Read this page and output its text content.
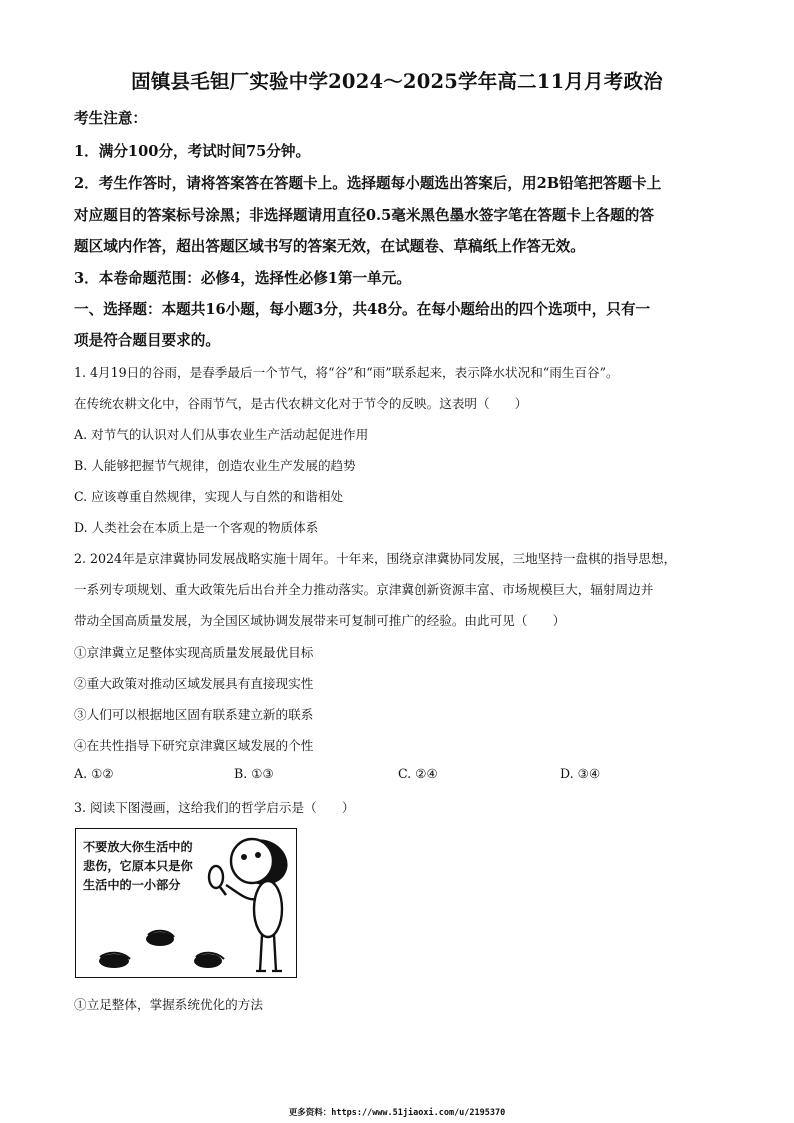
固镇县毛钽厂实验中学2024～2025学年高二11月月考政治
考生注意：
1．满分100分，考试时间75分钟。
2．考生作答时，请将答案答在答题卡上。选择题每小题选出答案后，用2B铅笔把答题卡上
对应题目的答案标号涂黑；非选择题请用直径0.5毫米黑色墨水签字笔在答题卡上各题的答
题区域内作答，超出答题区域书写的答案无效，在试题卷、草稿纸上作答无效。
3．本卷命题范围：必修4，选择性必修1第一单元。
一、选择题：本题共16小题，每小题3分，共48分。在每小题给出的四个选项中，只有一
项是符合题目要求的。
1. 4月19日的谷雨，是春季最后一个节气，将“谷”和“雨”联系起来，表示降水状况和“雨生百谷”。
在传统农耕文化中，谷雨节气，是古代农耕文化对于节令的反映。这表明（　　）
A. 对节气的认识对人们从事农业生产活动起促进作用
B. 人能够把握节气规律，创造农业生产发展的趋势
C. 应该尊重自然规律，实现人与自然的和谐相处
D. 人类社会在本质上是一个客观的物质体系
2. 2024年是京津冀协同发展战略实施十周年。十年来，围绕京津冀协同发展，三地坚持一盘棋的指导思想，
一系列专项规划、重大政策先后出台并全力推动落实。京津冀创新资源丰富、市场规模巨大，辐射周边并
带动全国高质量发展，为全国区域协调发展带来可复制可推广的经验。由此可见（　　）
①京津冀立足整体实现高质量发展最优目标
②重大政策对推动区域发展具有直接现实性
③人们可以根据地区固有联系建立新的联系
④在共性指导下研究京津冀区域发展的个性
A. ①②	B. ①③	C. ②④	D. ③④
3. 阅读下图漫画，这给我们的哲学启示是（　　）
不要放大你生活中的
悲伤，它原本只是你
生活中的一小部分
①立足整体，掌握系统优化的方法
更多资料：https://www.51jiaoxi.com/u/2195370
